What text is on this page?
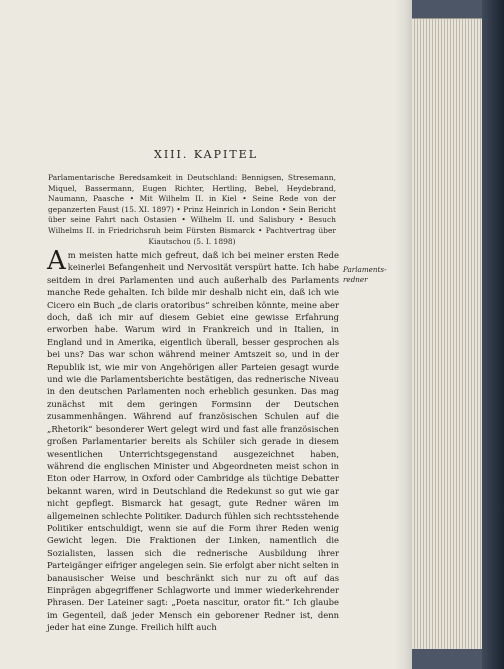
XIII. KAPITEL
Parlamentarische Beredsamkeit in Deutschland: Bennigsen, Stresemann, Miquel, Bassermann, Eugen Richter, Hertling, Bebel, Heydebrand, Naumann, Paasche • Mit Wilhelm II. in Kiel • Seine Rede von der gepanzerten Faust (15. XI. 1897) • Prinz Heinrich in London • Sein Bericht über seine Fahrt nach Ostasien • Wilhelm II. und Salisbury • Besuch Wilhelms II. in Friedrichsruh beim Fürsten Bismarck • Pachtvertrag über Kiautschou (5. I. 1898)
Am meisten hatte mich gefreut, daß ich bei meiner ersten Rede keinerlei Befangenheit und Nervosität verspürt hatte. Ich habe seitdem in drei Parlamenten und auch außerhalb des Parlaments manche Rede gehalten. Ich bilde mir deshalb nicht ein, daß ich wie Cicero ein Buch „de claris oratoribus“ schreiben könnte, meine aber doch, daß ich mir auf diesem Gebiet eine gewisse Erfahrung erworben habe. Warum wird in Frankreich und in Italien, in England und in Amerika, eigentlich überall, besser gesprochen als bei uns? Das war schon während meiner Amtszeit so, und in der Republik ist, wie mir von Angehörigen aller Parteien gesagt wurde und wie die Parlamentsberichte bestätigen, das rednerische Niveau in den deutschen Parlamenten noch erheblich gesunken. Das mag zunächst mit dem geringen Formsinn der Deutschen zusammenhängen. Während auf französischen Schulen auf die „Rhetorik“ besonderer Wert gelegt wird und fast alle französischen großen Parlamentarier bereits als Schüler sich gerade in diesem wesentlichen Unterrichtsgegenstand ausgezeichnet haben, während die englischen Minister und Abgeordneten meist schon in Eton oder Harrow, in Oxford oder Cambridge als tüchtige Debatter bekannt waren, wird in Deutschland die Redekunst so gut wie gar nicht gepflegt. Bismarck hat gesagt, gute Redner wären im allgemeinen schlechte Politiker. Dadurch fühlen sich rechtsstehende Politiker entschuldigt, wenn sie auf die Form ihrer Reden wenig Gewicht legen. Die Fraktionen der Linken, namentlich die Sozialisten, lassen sich die rednerische Ausbildung ihrer Parteigänger eifriger angelegen sein. Sie erfolgt aber nicht selten in banausischer Weise und beschränkt sich nur zu oft auf das Einprägen abgegriffener Schlagworte und immer wiederkehrender Phrasen. Der Lateiner sagt: „Poeta nascitur, orator fit.“ Ich glaube im Gegenteil, daß jeder Mensch ein geborener Redner ist, denn jeder hat eine Zunge. Freilich hilft auch
Parlaments-redner
